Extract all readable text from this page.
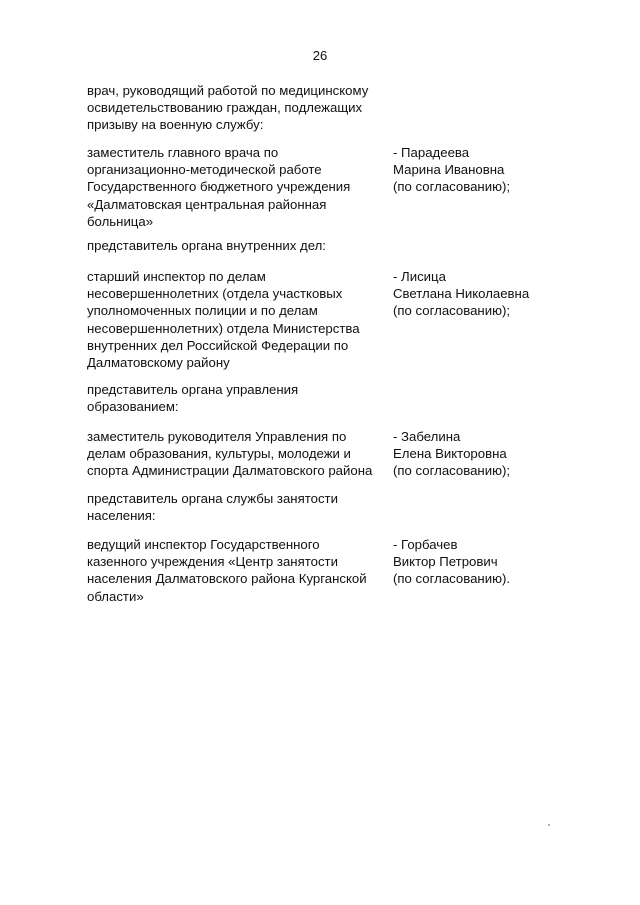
26
врач, руководящий работой по медицинскому
освидетельствованию граждан, подлежащих
призыву на военную службу:
заместитель главного врача по
организационно-методической работе
Государственного бюджетного учреждения
«Далматовская центральная районная
больница»
- Парадеева
Марина Ивановна
(по согласованию);
представитель органа внутренних дел:
старший инспектор по делам
несовершеннолетних (отдела участковых
уполномоченных полиции и по делам
несовершеннолетних) отдела Министерства
внутренних дел Российской Федерации по
Далматовскому району
- Лисица
Светлана Николаевна
(по согласованию);
представитель органа управления
образованием:
заместитель руководителя Управления по
делам образования, культуры, молодежи и
спорта Администрации Далматовского района
- Забелина
Елена Викторовна
(по согласованию);
представитель органа службы занятости
населения:
ведущий инспектор Государственного
казенного учреждения «Центр занятости
населения Далматовского района Курганской
области»
- Горбачев
Виктор Петрович
(по согласованию).
